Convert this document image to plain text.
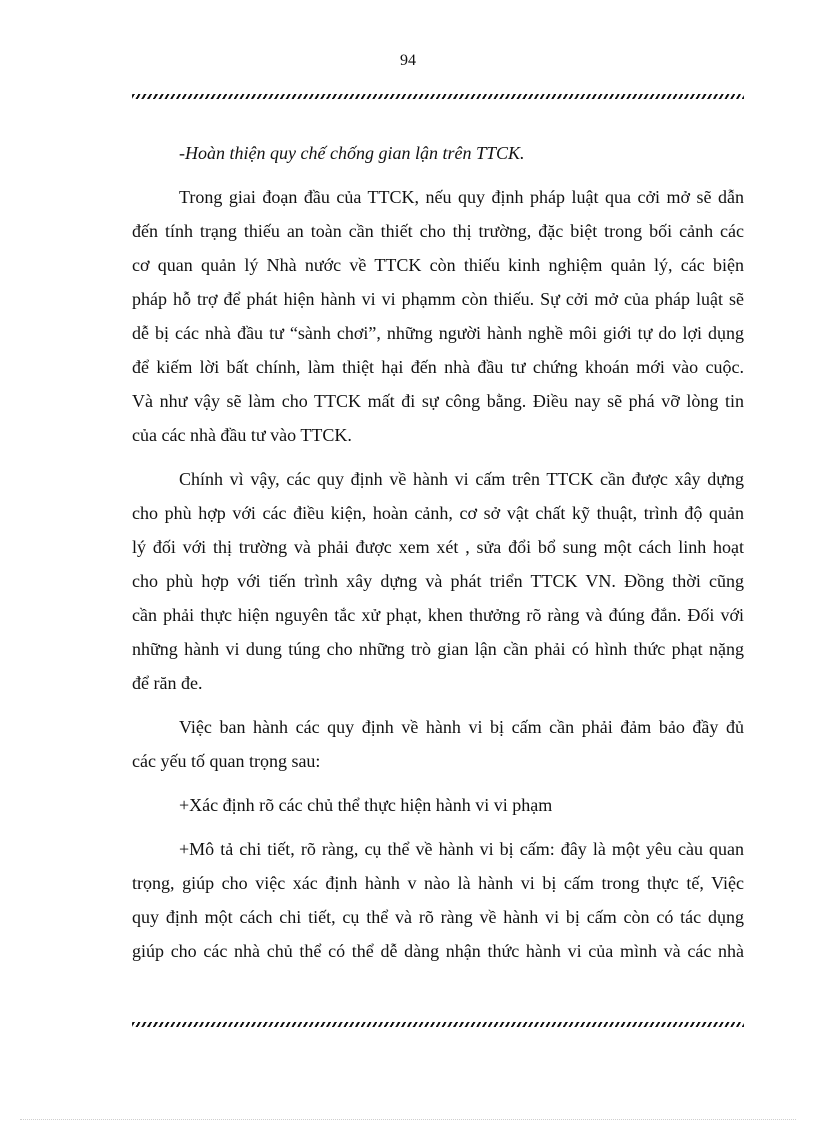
94

-Hoàn thiện quy chế chống gian lận trên TTCK.

Trong giai đoạn đầu của TTCK, nếu quy định pháp luật qua cởi mở sẽ dẫn
đến tính trạng thiếu an toàn cần thiết cho thị trường, đặc biệt trong bối cảnh các
cơ quan quản lý Nhà nước về TTCK còn thiếu kinh nghiệm quản lý, các biện
pháp hỗ trợ để phát hiện hành vi vi phạmm còn thiếu. Sự cởi mở của pháp luật sẽ
dễ bị các nhà đầu tư “sành chơi”, những người hành nghề môi giới tự do lợi dụng
để kiếm lời bất chính, làm thiệt hại đến nhà đầu tư chứng khoán mới vào cuộc.
Và như vậy sẽ làm cho TTCK mất đi sự công bằng. Điều nay sẽ phá vỡ lòng tin
của các nhà đầu tư vào TTCK.

Chính vì vậy, các quy định về hành vi cấm trên TTCK cần được xây dựng
cho phù hợp với các điều kiện, hoàn cảnh, cơ sở vật chất kỹ thuật, trình độ quản
lý đối với thị trường và phải được xem xét , sửa đổi bổ sung một cách linh hoạt
cho phù hợp với tiến trình xây dựng và phát triển TTCK VN. Đồng thời cũng
cần phải thực hiện nguyên tắc xử phạt, khen thưởng rõ ràng và đúng đắn. Đối với
những hành vi dung túng cho những trò gian lận cần phải có hình thức phạt nặng
để răn đe.

Việc ban hành các quy định về hành vi bị cấm cần phải đảm bảo đầy đủ
các yếu tố quan trọng sau:

+Xác định rõ các chủ thể thực hiện hành vi vi phạm

+Mô tả chi tiết, rõ ràng, cụ thể về hành vi bị cấm: đây là một yêu càu quan
trọng, giúp cho việc xác định hành v nào là hành vi bị cấm trong thực tế, Việc
quy định một cách chi tiết, cụ thể và rõ ràng về hành vi bị cấm còn có tác dụng
giúp cho các nhà chủ thể có thể dễ dàng nhận thức hành vi của mình và các nhà
